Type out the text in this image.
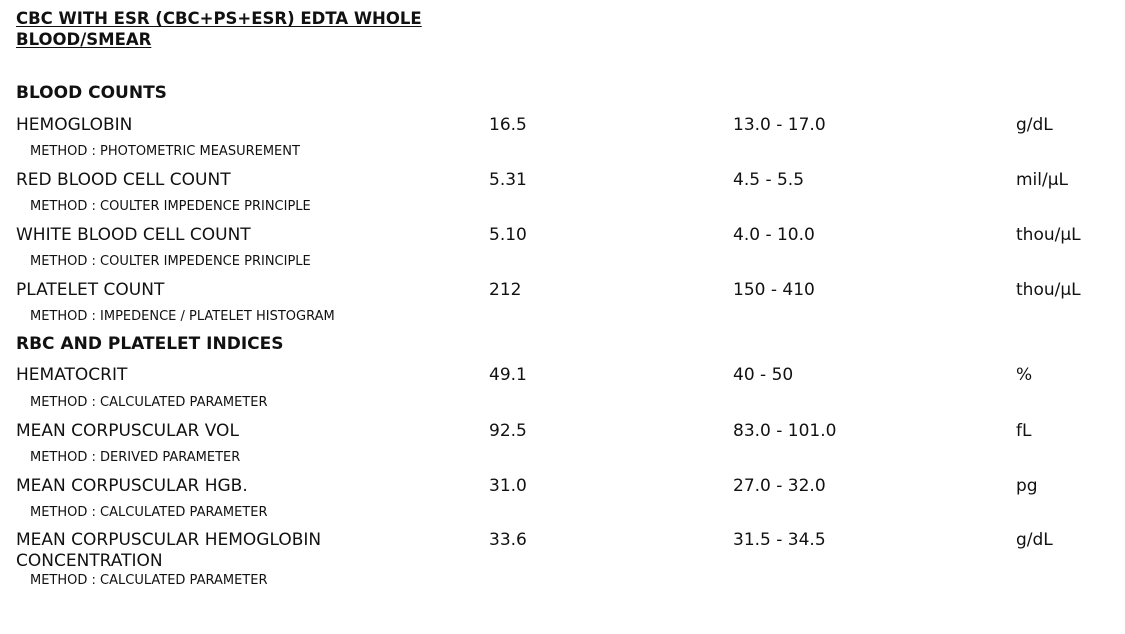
CBC WITH ESR (CBC+PS+ESR) EDTA WHOLE BLOOD/SMEAR
BLOOD COUNTS
HEMOGLOBIN	16.5	13.0 - 17.0	g/dL
METHOD : PHOTOMETRIC MEASUREMENT
RED BLOOD CELL COUNT	5.31	4.5 - 5.5	mil/µL
METHOD : COULTER IMPEDENCE PRINCIPLE
WHITE BLOOD CELL COUNT	5.10	4.0 - 10.0	thou/µL
METHOD : COULTER IMPEDENCE PRINCIPLE
PLATELET COUNT	212	150 - 410	thou/µL
METHOD : IMPEDENCE / PLATELET HISTOGRAM
RBC AND PLATELET INDICES
HEMATOCRIT	49.1	40 - 50	%
METHOD : CALCULATED PARAMETER
MEAN CORPUSCULAR VOL	92.5	83.0 - 101.0	fL
METHOD : DERIVED PARAMETER
MEAN CORPUSCULAR HGB.	31.0	27.0 - 32.0	pg
METHOD : CALCULATED PARAMETER
MEAN CORPUSCULAR HEMOGLOBIN CONCENTRATION
33.6	31.5 - 34.5	g/dL
METHOD : CALCULATED PARAMETER
